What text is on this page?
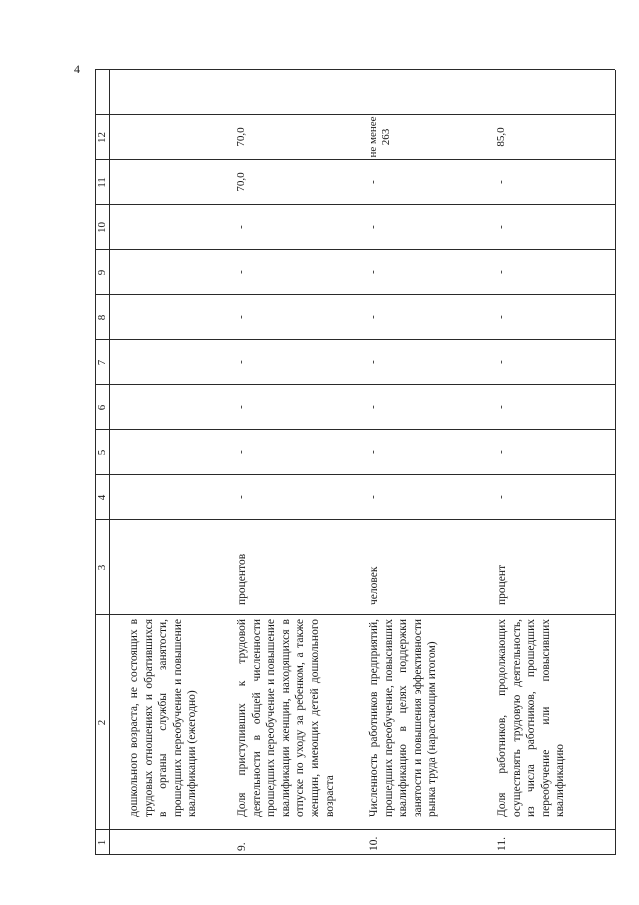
4
1
2
3
4
5
6
7
8
9
10
11
12
дошкольного возраста, не состоящих в трудовых отношениях и обратившихся в органы службы занятости, прошедших переобучение и повышение квалификации (ежегодно)
9.
Доля приступивших к трудовой деятельности в общей численности прошедших переобучение и повышение квалификации женщин, находящихся в отпуске по уходу за ребенком, а также женщин, имеющих детей дошкольного возраста
процентов
-
-
-
-
-
-
-
70,0
70,0
10.
Численность работников предприятий, прошедших переобучение, повысивших квалификацию в целях поддержки занятости и повышения эффективности рынка труда (нарастающим итогом)
человек
-
-
-
-
-
-
-
-
не менее 263
11.
Доля работников, продолжающих осуществлять трудовую деятельность, из числа работников, прошедших переобучение или повысивших квалификацию
процент
-
-
-
-
-
-
-
-
85,0
